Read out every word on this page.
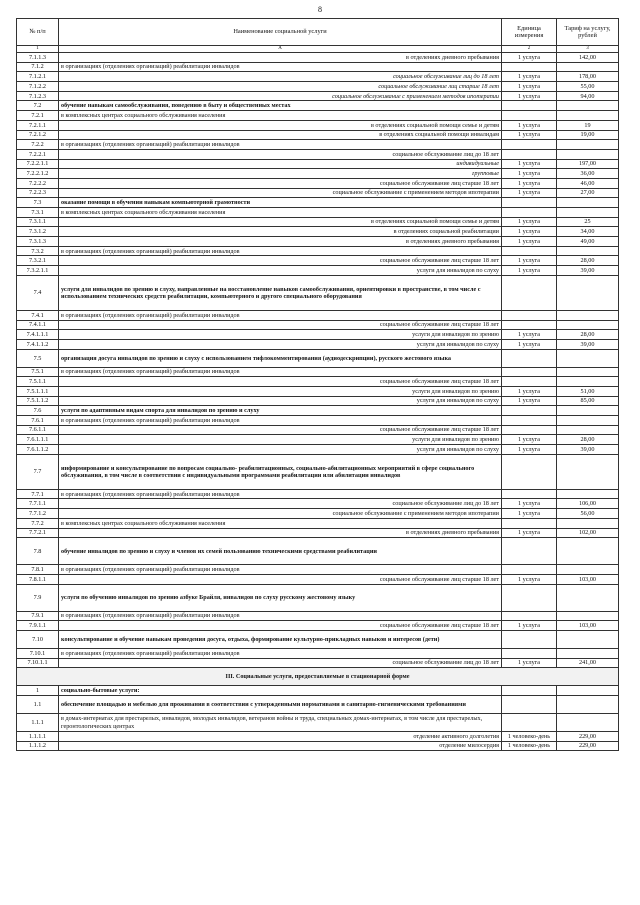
8
№ п/п	Наименование социальной услуги	Единица измерения	Тариф на услугу, рублей
1	А	2	3
7.1.1.3	в отделениях дневного пребывания	1 услуга	142,00
7.1.2	в организациях (отделениях организаций) реабилитации инвалидов		
7.1.2.1	социальное обслуживание лиц до 18 лет	1 услуга	178,00
7.1.2.2	социальное обслуживание лиц старше 18 лет	1 услуга	55,00
7.1.2.3	социальное обслуживание с применением методов ипотерапии	1 услуга	94,00
7.2	обучение навыкам самообслуживания, поведению в быту и общественных местах		
7.2.1	в комплексных центрах социального обслуживания населения		
7.2.1.1	в отделениях социальной помощи семье и детям	1 услуга	19
7.2.1.2	в отделениях социальной помощи инвалидам	1 услуга	19,00
7.2.2	в организациях (отделениях организаций) реабилитации инвалидов		
7.2.2.1	социальное обслуживание лиц до 18 лет		
7.2.2.1.1	индивидуальные	1 услуга	197,00
7.2.2.1.2	групповые	1 услуга	36,00
7.2.2.2	социальное обслуживание лиц старше 18 лет	1 услуга	46,00
7.2.2.3	социальное обслуживание с применением методов ипотерапии	1 услуга	27,00
7.3	оказание помощи в обучении навыкам компьютерной грамотности		
7.3.1	в комплексных центрах социального обслуживания населения		
7.3.1.1	в отделениях социальной помощи семье и детям	1 услуга	25
7.3.1.2	в отделениях социальной реабилитации	1 услуга	34,00
7.3.1.3	в отделениях дневного пребывания	1 услуга	49,00
7.3.2	в организациях (отделениях организаций) реабилитации инвалидов		
7.3.2.1	социальное обслуживание лиц старше 18 лет	1 услуга	28,00
7.3.2.1.1	услуги для инвалидов по слуху	1 услуга	39,00
7.4	услуги для инвалидов по зрению и слуху, направленные на восстановление навыков самообслуживания, ориентировки в пространстве, в том числе с использованием технических средств реабилитации, компьютерного и другого специального оборудования		
7.4.1	в организациях (отделениях организаций) реабилитации инвалидов		
7.4.1.1	социальное обслуживание лиц старше 18 лет		
7.4.1.1.1	услуги для инвалидов по зрению	1 услуга	28,00
7.4.1.1.2	услуги для инвалидов по слуху	1 услуга	39,00
7.5	организация досуга инвалидов по зрению и слуху с использованием тифлокомментирования (аудиодескрипции), русского жестового языка		
7.5.1	в организациях (отделениях организаций) реабилитации инвалидов		
7.5.1.1	социальное обслуживание лиц старше 18 лет		
7.5.1.1.1	услуги для инвалидов по зрению	1 услуга	51,00
7.5.1.1.2	услуги для инвалидов по слуху	1 услуга	85,00
7.6	услуги по адаптивным видам спорта для инвалидов по зрению и слуху		
7.6.1	в организациях (отделениях организаций) реабилитации инвалидов		
7.6.1.1	социальное обслуживание лиц старше 18 лет		
7.6.1.1.1	услуги для инвалидов по зрению	1 услуга	28,00
7.6.1.1.2	услуги для инвалидов по слуху	1 услуга	39,00
7.7	информирование и консультирование по вопросам социально- реабилитационных, социально-абилитационных мероприятий в сфере социального обслуживания, в том числе в соответствии с индивидуальными программами реабилитации или абилитации инвалидов		
7.7.1	в организациях (отделениях организаций) реабилитации инвалидов		
7.7.1.1	социальное обслуживание лиц до 18 лет	1 услуга	106,00
7.7.1.2	социальное обслуживание с применением методов ипотерапии	1 услуга	56,00
7.7.2	в комплексных центрах социального обслуживания населения		
7.7.2.1	в отделениях дневного пребывания	1 услуга	102,00
7.8	обучение инвалидов по зрению и слуху и членов их семей пользованию техническими средствами реабилитации		
7.8.1	в организациях (отделениях организаций) реабилитации инвалидов		
7.8.1.1	социальное обслуживание лиц старше 18 лет	1 услуга	103,00
7.9	услуги по обучению инвалидов по зрению азбуке Брайля, инвалидов по слуху русскому жестовому языку		
7.9.1	в организациях (отделениях организаций) реабилитации инвалидов		
7.9.1.1	социальное обслуживание лиц старше 18 лет	1 услуга	103,00
7.10	консультирование и обучение навыкам проведения досуга, отдыха, формирование культурно-прикладных навыков и интересов (дети)		
7.10.1	в организациях (отделениях организаций) реабилитации инвалидов		
7.10.1.1	социальное обслуживание лиц до 18 лет	1 услуга	241,00
III. Социальные услуги, предоставляемые в стационарной форме			
1	социально-бытовые услуги:		
1.1	обеспечение площадью и мебелью для проживания в соответствии с утвержденными нормативами и санитарно-гигиеническими требованиями		
1.1.1	в домах-интернатах для престарелых, инвалидов, молодых инвалидов, ветеранов войны и труда, специальных домах-интернатах, в том числе для престарелых, геронтологических центрах		
1.1.1.1	отделение активного долголетия	1 человеко-день	229,00
1.1.1.2	отделение милосердия	1 человеко-день	229,00
